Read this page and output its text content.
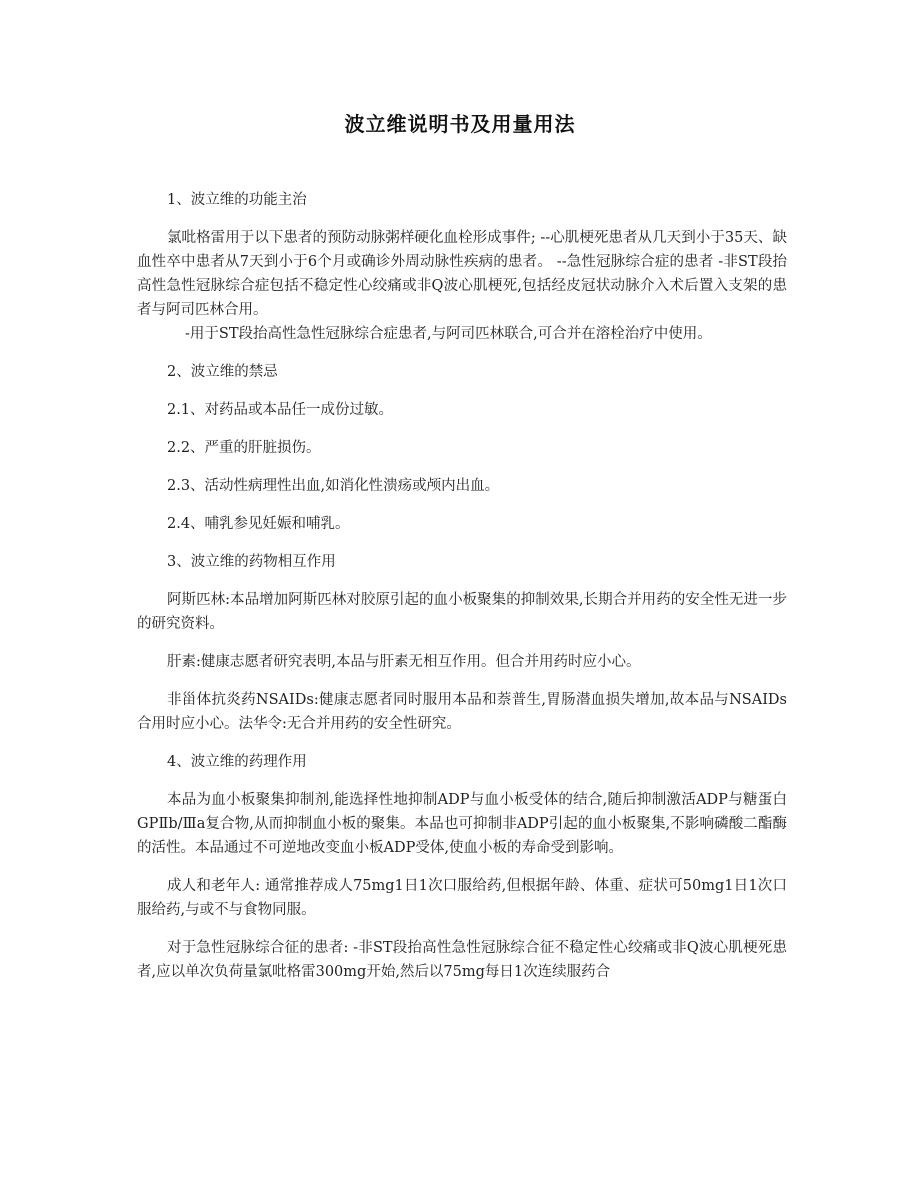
波立维说明书及用量用法

1、波立维的功能主治

氯吡格雷用于以下患者的预防动脉粥样硬化血栓形成事件; --心肌梗死患者从几天到小于35天、缺血性卒中患者从7天到小于6个月或确诊外周动脉性疾病的患者。 --急性冠脉综合症的患者 -非ST段抬高性急性冠脉综合症包括不稳定性心绞痛或非Q波心肌梗死,包括经皮冠状动脉介入术后置入支架的患者与阿司匹林合用。

-用于ST段抬高性急性冠脉综合症患者,与阿司匹林联合,可合并在溶栓治疗中使用。

2、波立维的禁忌

2.1、对药品或本品任一成份过敏。

2.2、严重的肝脏损伤。

2.3、活动性病理性出血,如消化性溃疡或颅内出血。

2.4、哺乳参见妊娠和哺乳。

3、波立维的药物相互作用

阿斯匹林:本品增加阿斯匹林对胶原引起的血小板聚集的抑制效果,长期合并用药的安全性无进一步的研究资料。

肝素:健康志愿者研究表明,本品与肝素无相互作用。但合并用药时应小心。

非甾体抗炎药NSAIDs:健康志愿者同时服用本品和萘普生,胃肠潜血损失增加,故本品与NSAIDs合用时应小心。法华令:无合并用药的安全性研究。

4、波立维的药理作用

本品为血小板聚集抑制剂,能选择性地抑制ADP与血小板受体的结合,随后抑制激活ADP与糖蛋白GPⅡb/Ⅲa复合物,从而抑制血小板的聚集。本品也可抑制非ADP引起的血小板聚集,不影响磷酸二酯酶的活性。本品通过不可逆地改变血小板ADP受体,使血小板的寿命受到影响。

成人和老年人: 通常推荐成人75mg1日1次口服给药,但根据年龄、体重、症状可50mg1日1次口服给药,与或不与食物同服。

对于急性冠脉综合征的患者: -非ST段抬高性急性冠脉综合征不稳定性心绞痛或非Q波心肌梗死患者,应以单次负荷量氯吡格雷300mg开始,然后以75mg每日1次连续服药合
